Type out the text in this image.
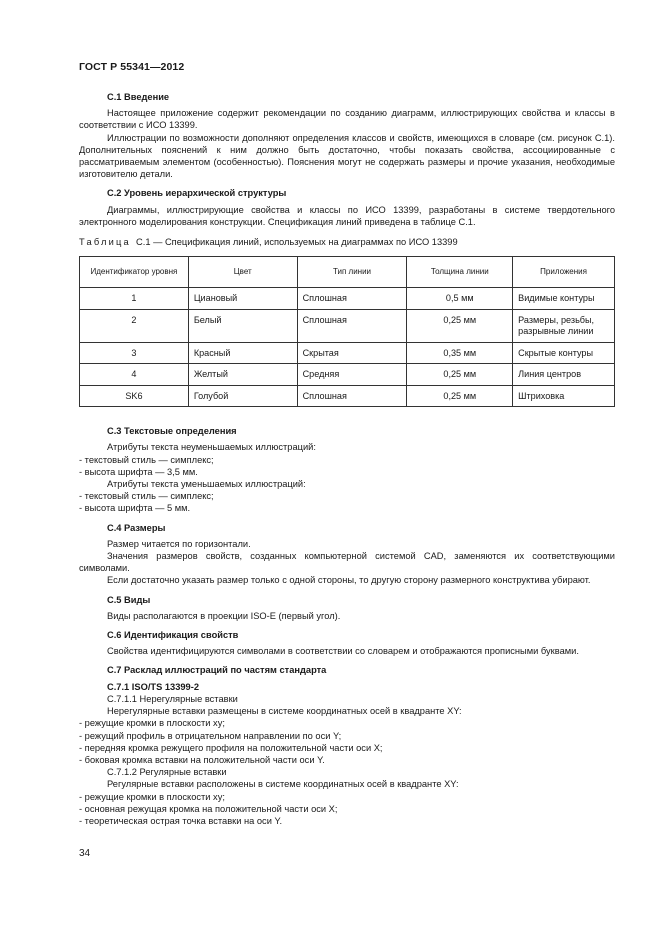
ГОСТ Р 55341—2012
С.1 Введение

Настоящее приложение содержит рекомендации по созданию диаграмм, иллюстрирующих свойства и классы в соответствии с ИСО 13399.

Иллюстрации по возможности дополняют определения классов и свойств, имеющихся в словаре (см. рисунок С.1). Дополнительных пояснений к ним должно быть достаточно, чтобы показать свойства, ассоциированные с рассматриваемым элементом (особенностью). Пояснения могут не содержать размеры и прочие указания, необходимые изготовителю детали.

С.2 Уровень иерархической структуры

Диаграммы, иллюстрирующие свойства и классы по ИСО 13399, разработаны в системе твердотельного электронного моделирования конструкции. Спецификация линий приведена в таблице С.1.

Таблица С.1 — Спецификация линий, используемых на диаграммах по ИСО 13399
Идентификатор уровня	Цвет	Тип линии	Толщина линии	Приложения
1	Циановый	Сплошная	0,5 мм	Видимые контуры
2	Белый	Сплошная	0,25 мм	Размеры, резьбы, разрывные линии
3	Красный	Скрытая	0,35 мм	Скрытые контуры
4	Желтый	Средняя	0,25 мм	Линия центров
SK6	Голубой	Сплошная	0,25 мм	Штриховка
С.3 Текстовые определения
Атрибуты текста неуменьшаемых иллюстраций:
- текстовый стиль — симплекс;
- высота шрифта — 3,5 мм.
Атрибуты текста уменьшаемых иллюстраций:
- текстовый стиль — симплекс;
- высота шрифта — 5 мм.
С.4 Размеры

Размер читается по горизонтали.

Значения размеров свойств, созданных компьютерной системой CAD, заменяются их соответствующими символами.

Если достаточно указать размер только с одной стороны, то другую сторону размерного конструктива убирают.

С.5 Виды

Виды располагаются в проекции ISO-E (первый угол).

С.6 Идентификация свойств

Свойства идентифицируются символами в соответствии со словарем и отображаются прописными буквами.

С.7 Расклад иллюстраций по частям стандарта
С.7.1 ISO/TS 13399-2
С.7.1.1 Нерегулярные вставки

Нерегулярные вставки размещены в системе координатных осей в квадранте XY:

- режущие кромки в плоскости xy;
- режущий профиль в отрицательном направлении по оси Y;
- передняя кромка режущего профиля на положительной части оси X;
- боковая кромка вставки на положительной части оси Y.
С.7.1.2 Регулярные вставки

Регулярные вставки расположены в системе координатных осей в квадранте XY:

- режущие кромки в плоскости xy;
- основная режущая кромка на положительной части оси X;
- теоретическая острая точка вставки на оси Y.
34
